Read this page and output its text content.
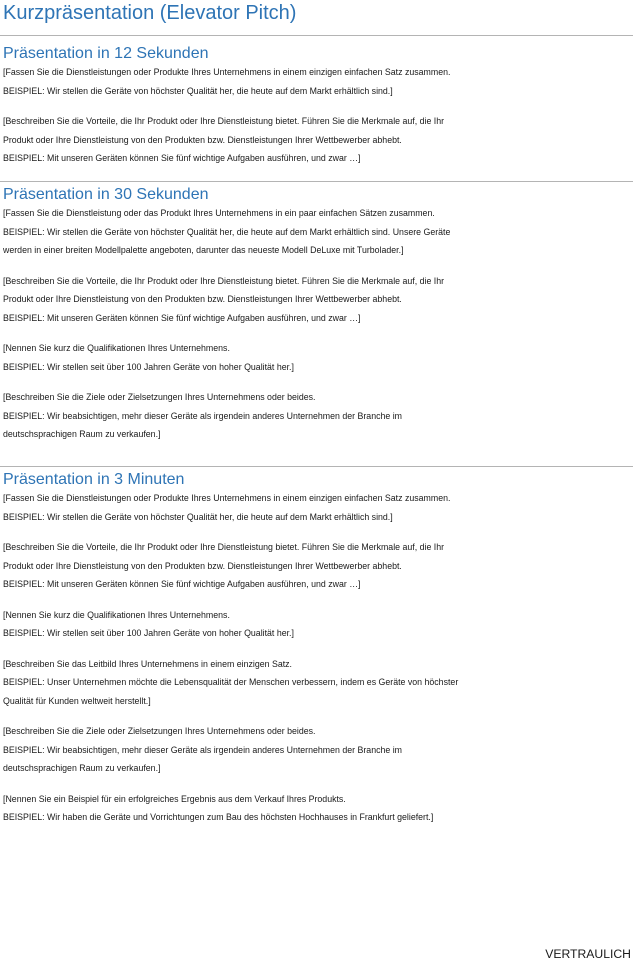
Kurzpräsentation (Elevator Pitch)
Präsentation in 12 Sekunden
[Fassen Sie die Dienstleistungen oder Produkte Ihres Unternehmens in einem einzigen einfachen Satz zusammen.
BEISPIEL: Wir stellen die Geräte von höchster Qualität her, die heute auf dem Markt erhältlich sind.]
[Beschreiben Sie die Vorteile, die Ihr Produkt oder Ihre Dienstleistung bietet. Führen Sie die Merkmale auf, die Ihr
Produkt oder Ihre Dienstleistung von den Produkten bzw. Dienstleistungen Ihrer Wettbewerber abhebt.
BEISPIEL: Mit unseren Geräten können Sie fünf wichtige Aufgaben ausführen, und zwar …]
Präsentation in 30 Sekunden
[Fassen Sie die Dienstleistung oder das Produkt Ihres Unternehmens in ein paar einfachen Sätzen zusammen.
BEISPIEL: Wir stellen die Geräte von höchster Qualität her, die heute auf dem Markt erhältlich sind. Unsere Geräte
werden in einer breiten Modellpalette angeboten, darunter das neueste Modell DeLuxe mit Turbolader.]
[Beschreiben Sie die Vorteile, die Ihr Produkt oder Ihre Dienstleistung bietet. Führen Sie die Merkmale auf, die Ihr
Produkt oder Ihre Dienstleistung von den Produkten bzw. Dienstleistungen Ihrer Wettbewerber abhebt.
BEISPIEL: Mit unseren Geräten können Sie fünf wichtige Aufgaben ausführen, und zwar …]
[Nennen Sie kurz die Qualifikationen Ihres Unternehmens.
BEISPIEL: Wir stellen seit über 100 Jahren Geräte von hoher Qualität her.]
[Beschreiben Sie die Ziele oder Zielsetzungen Ihres Unternehmens oder beides.
BEISPIEL: Wir beabsichtigen, mehr dieser Geräte als irgendein anderes Unternehmen der Branche im
deutschsprachigen Raum zu verkaufen.]
Präsentation in 3 Minuten
[Fassen Sie die Dienstleistungen oder Produkte Ihres Unternehmens in einem einzigen einfachen Satz zusammen.
BEISPIEL: Wir stellen die Geräte von höchster Qualität her, die heute auf dem Markt erhältlich sind.]
[Beschreiben Sie die Vorteile, die Ihr Produkt oder Ihre Dienstleistung bietet. Führen Sie die Merkmale auf, die Ihr
Produkt oder Ihre Dienstleistung von den Produkten bzw. Dienstleistungen Ihrer Wettbewerber abhebt.
BEISPIEL: Mit unseren Geräten können Sie fünf wichtige Aufgaben ausführen, und zwar …]
[Nennen Sie kurz die Qualifikationen Ihres Unternehmens.
BEISPIEL: Wir stellen seit über 100 Jahren Geräte von hoher Qualität her.]
[Beschreiben Sie das Leitbild Ihres Unternehmens in einem einzigen Satz.
BEISPIEL: Unser Unternehmen möchte die Lebensqualität der Menschen verbessern, indem es Geräte von höchster
Qualität für Kunden weltweit herstellt.]
[Beschreiben Sie die Ziele oder Zielsetzungen Ihres Unternehmens oder beides.
BEISPIEL: Wir beabsichtigen, mehr dieser Geräte als irgendein anderes Unternehmen der Branche im
deutschsprachigen Raum zu verkaufen.]
[Nennen Sie ein Beispiel für ein erfolgreiches Ergebnis aus dem Verkauf Ihres Produkts.
BEISPIEL: Wir haben die Geräte und Vorrichtungen zum Bau des höchsten Hochhauses in Frankfurt geliefert.]
VERTRAULICH
